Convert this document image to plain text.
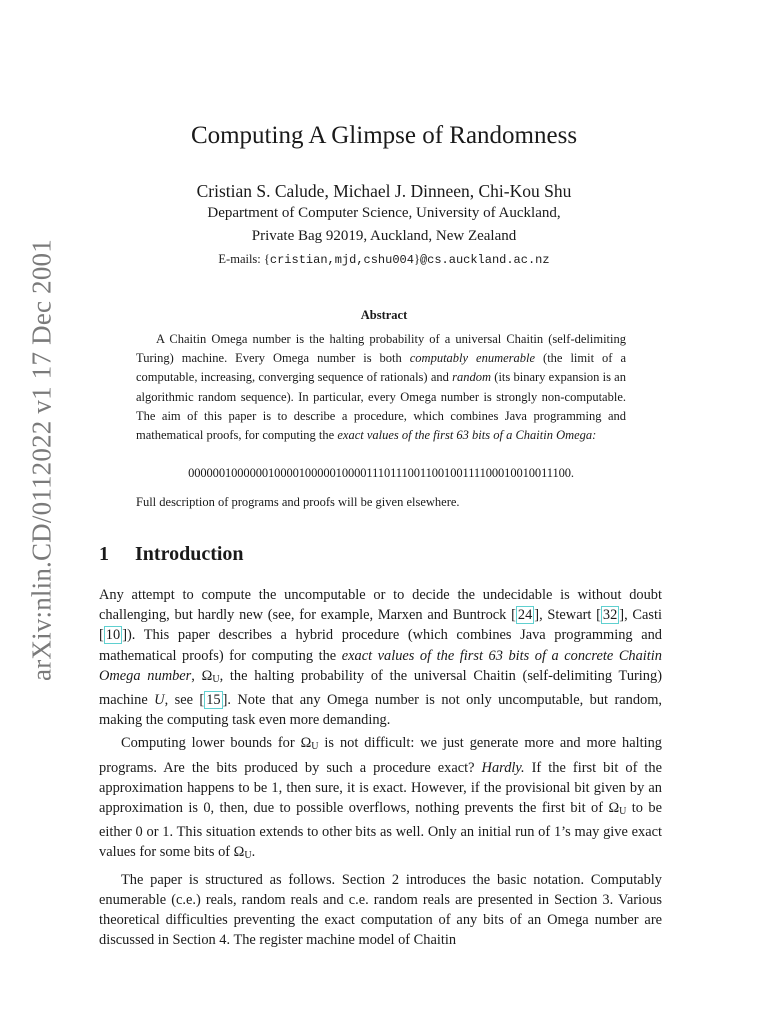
arXiv:nlin.CD/0112022 v1 17 Dec 2001
Computing A Glimpse of Randomness
Cristian S. Calude, Michael J. Dinneen, Chi-Kou Shu
Department of Computer Science, University of Auckland,
Private Bag 92019, Auckland, New Zealand
E-mails: {cristian,mjd,cshu004}@cs.auckland.ac.nz
Abstract

A Chaitin Omega number is the halting probability of a universal Chaitin (self-delimiting Turing) machine. Every Omega number is both computably enumerable (the limit of a computable, increasing, converging sequence of rationals) and random (its binary expansion is an algorithmic random sequence). In particular, every Omega number is strongly non-computable. The aim of this paper is to describe a procedure, which combines Java programming and mathematical proofs, for computing the exact values of the first 63 bits of a Chaitin Omega:

000000100000010000100000100001110111001100100111100010010011100.
Full description of programs and proofs will be given elsewhere.
1 Introduction

Any attempt to compute the uncomputable or to decide the undecidable is without doubt challenging, but hardly new (see, for example, Marxen and Buntrock [ 24 ], Stewart [ 32 ], Casti [ 10 ]). This paper describes a hybrid procedure (which combines Java programming and mathematical proofs) for computing the exact values of the first 63 bits of a concrete Chaitin Omega number, $\Omega_U$, the halting probability of the universal Chaitin (self-delimiting Turing) machine U, see [ 15 ]. Note that any Omega number is not only uncomputable, but random, making the computing task even more demanding.

Computing lower bounds for $\Omega_U$ is not difficult: we just generate more and more halting programs. Are the bits produced by such a procedure exact? Hardly. If the first bit of the approximation happens to be 1, then sure, it is exact. However, if the provisional bit given by an approximation is 0, then, due to possible overflows, nothing prevents the first bit of $\Omega_U$ to be either 0 or 1. This situation extends to other bits as well. Only an initial run of 1’s may give exact values for some bits of $\Omega_U$.

The paper is structured as follows. Section 2 introduces the basic notation. Computably enumerable (c.e.) reals, random reals and c.e. random reals are presented in Section 3. Various theoretical difficulties preventing the exact computation of any bits of an Omega number are discussed in Section 4. The register machine model of Chaitin
